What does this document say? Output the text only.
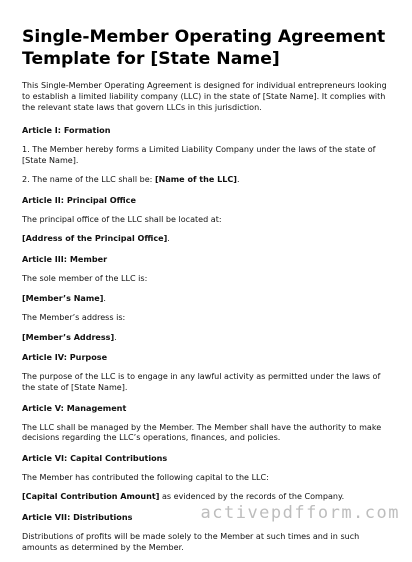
Single-Member Operating Agreement Template for [State Name]

This Single-Member Operating Agreement is designed for individual entrepreneurs looking to establish a limited liability company (LLC) in the state of [State Name]. It complies with the relevant state laws that govern LLCs in this jurisdiction.

Article I: Formation

1. The Member hereby forms a Limited Liability Company under the laws of the state of [State Name].

2. The name of the LLC shall be: [Name of the LLC].

Article II: Principal Office

The principal office of the LLC shall be located at:

[Address of the Principal Office].

Article III: Member

The sole member of the LLC is:

[Member’s Name].

The Member’s address is:

[Member’s Address].

Article IV: Purpose

The purpose of the LLC is to engage in any lawful activity as permitted under the laws of the state of [State Name].

Article V: Management

The LLC shall be managed by the Member. The Member shall have the authority to make decisions regarding the LLC’s operations, finances, and policies.

Article VI: Capital Contributions

The Member has contributed the following capital to the LLC:

[Capital Contribution Amount] as evidenced by the records of the Company.

Article VII: Distributions

Distributions of profits will be made solely to the Member at such times and in such amounts as determined by the Member.

activepdfform.com
